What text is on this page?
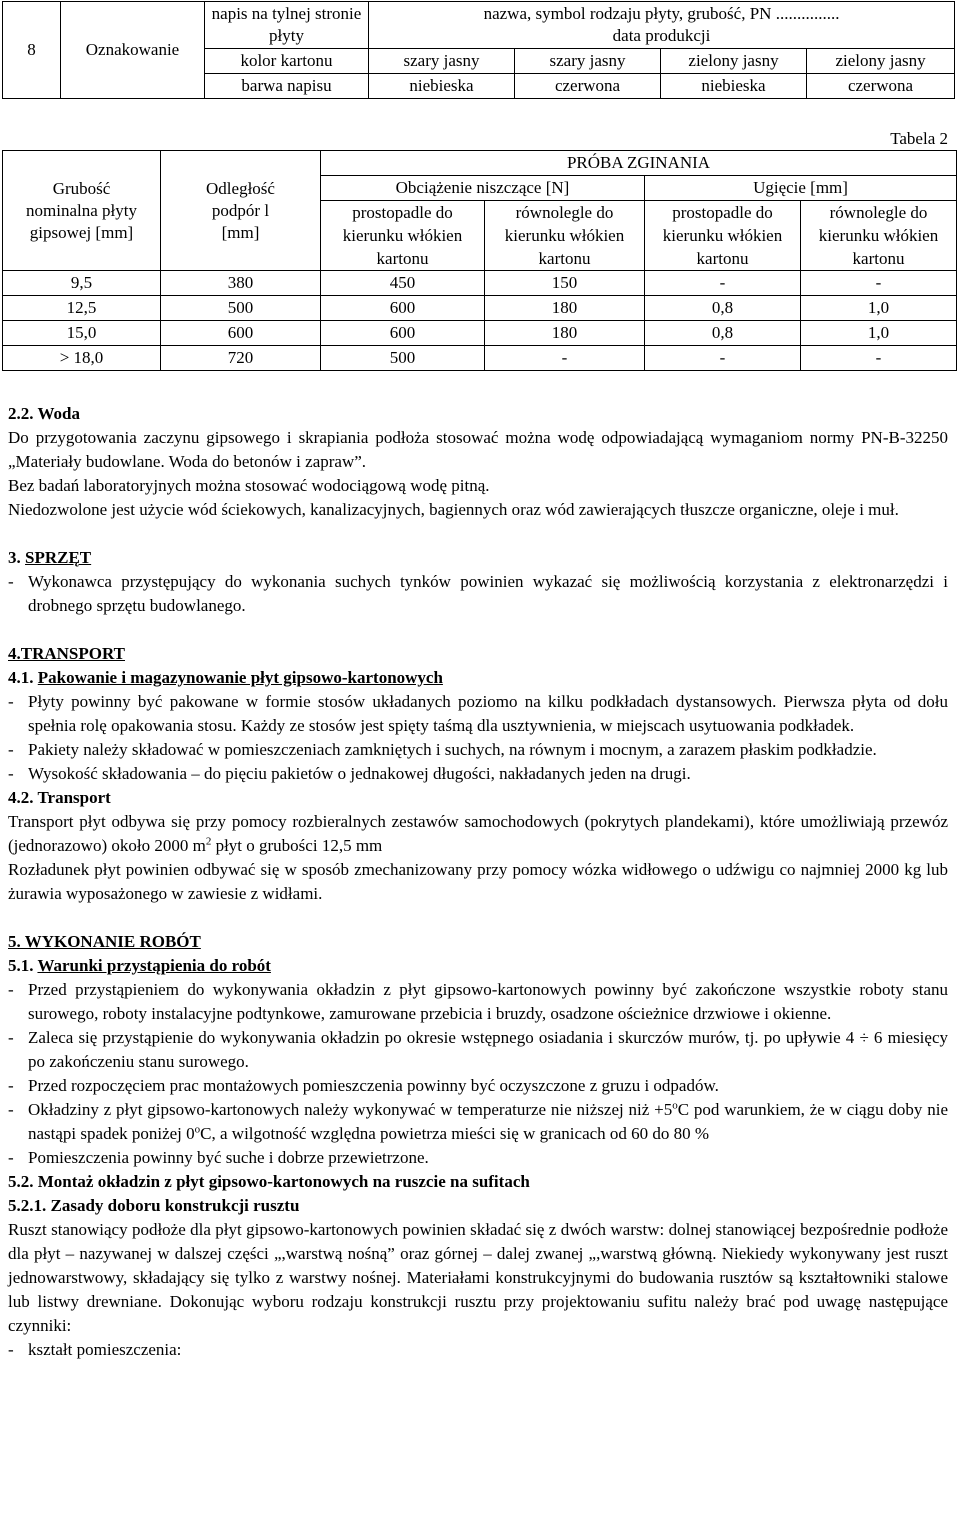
8	Oznakowanie	napis na tylnej stronie płyty	nazwa, symbol rodzaju płyty, grubość, PN ...............
data produkcji			

		kolor kartonu	szary jasny	szary jasny	zielony jasny	zielony jasny
		barwa napisu	niebieska	czerwona	niebieska	czerwona
Tabela 2
Grubość nominalna płyty gipsowej [mm]	Odległość podpór l [mm]	PRÓBA ZGINANIA			
		Obciążenie niszczące [N]		Ugięcie [mm]	
		prostopadle do kierunku włókien kartonu	równolegle do kierunku włókien kartonu	prostopadle do kierunku włókien kartonu	równolegle do kierunku włókien kartonu
9,5	380	450	150	-	-
12,5	500	600	180	0,8	1,0
15,0	600	600	180	0,8	1,0
> 18,0	720	500	-	-	-

2.2. Woda

Do przygotowania zaczynu gipsowego i skrapiania podłoża stosować można wodę odpowiadającą wymaganiom normy PN-B-32250 „Materiały budowlane. Woda do betonów i zapraw”.

Bez badań laboratoryjnych można stosować wodociągową wodę pitną.

Niedozwolone jest użycie wód ściekowych, kanalizacyjnych, bagiennych oraz wód zawierających tłuszcze organiczne, oleje i muł.

3. SPRZĘT

- Wykonawca przystępujący do wykonania suchych tynków powinien wykazać się możliwością korzystania z elektronarzędzi i drobnego sprzętu budowlanego.

4.TRANSPORT

4.1. Pakowanie i magazynowanie płyt gipsowo-kartonowych

- Płyty powinny być pakowane w formie stosów układanych poziomo na kilku podkładach dystansowych. Pierwsza płyta od dołu spełnia rolę opakowania stosu. Każdy ze stosów jest spięty taśmą dla usztywnienia, w miejscach usytuowania podkładek.

- Pakiety należy składować w pomieszczeniach zamkniętych i suchych, na równym i mocnym, a zarazem płaskim podkładzie.

- Wysokość składowania – do pięciu pakietów o jednakowej długości, nakładanych jeden na drugi.

4.2. Transport

Transport płyt odbywa się przy pomocy rozbieralnych zestawów samochodowych (pokrytych plandekami), które umożliwiają przewóz (jednorazowo) około 2000 $m^2$ płyt o grubości 12,5 mm

Rozładunek płyt powinien odbywać się w sposób zmechanizowany przy pomocy wózka widłowego o udźwigu co najmniej 2000 kg lub żurawia wyposażonego w zawiesie z widłami.

5. WYKONANIE ROBÓT

5.1. Warunki przystąpienia do robót

- Przed przystąpieniem do wykonywania okładzin z płyt gipsowo-kartonowych powinny być zakończone wszystkie roboty stanu surowego, roboty instalacyjne podtynkowe, zamurowane przebicia i bruzdy, osadzone ościeżnice drzwiowe i okienne.

- Zaleca się przystąpienie do wykonywania okładzin po okresie wstępnego osiadania i skurczów murów, tj. po upływie 4 ÷ 6 miesięcy po zakończeniu stanu surowego.

- Przed rozpoczęciem prac montażowych pomieszczenia powinny być oczyszczone z gruzu i odpadów.

- Okładziny z płyt gipsowo-kartonowych należy wykonywać w temperaturze nie niższej niż $+5^oC$ pod warunkiem, że w ciągu doby nie nastąpi spadek poniżej 0$^o$C, a wilgotność względna powietrza mieści się w granicach od 60 do 80 %

- Pomieszczenia powinny być suche i dobrze przewietrzone.

5.2. Montaż okładzin z płyt gipsowo-kartonowych na ruszcie na sufitach

5.2.1. Zasady doboru konstrukcji rusztu

Ruszt stanowiący podłoże dla płyt gipsowo-kartonowych powinien składać się z dwóch warstw: dolnej stanowiącej bezpośrednie podłoże dla płyt – nazywanej w dalszej części „,warstwą nośną” oraz górnej – dalej zwanej „,warstwą główną. Niekiedy wykonywany jest ruszt jednowarstwowy, składający się tylko z warstwy nośnej. Materiałami konstrukcyjnymi do budowania rusztów są kształtowniki stalowe lub listwy drewniane. Dokonując wyboru rodzaju konstrukcji rusztu przy projektowaniu sufitu należy brać pod uwagę następujące czynniki:

- kształt pomieszczenia:
